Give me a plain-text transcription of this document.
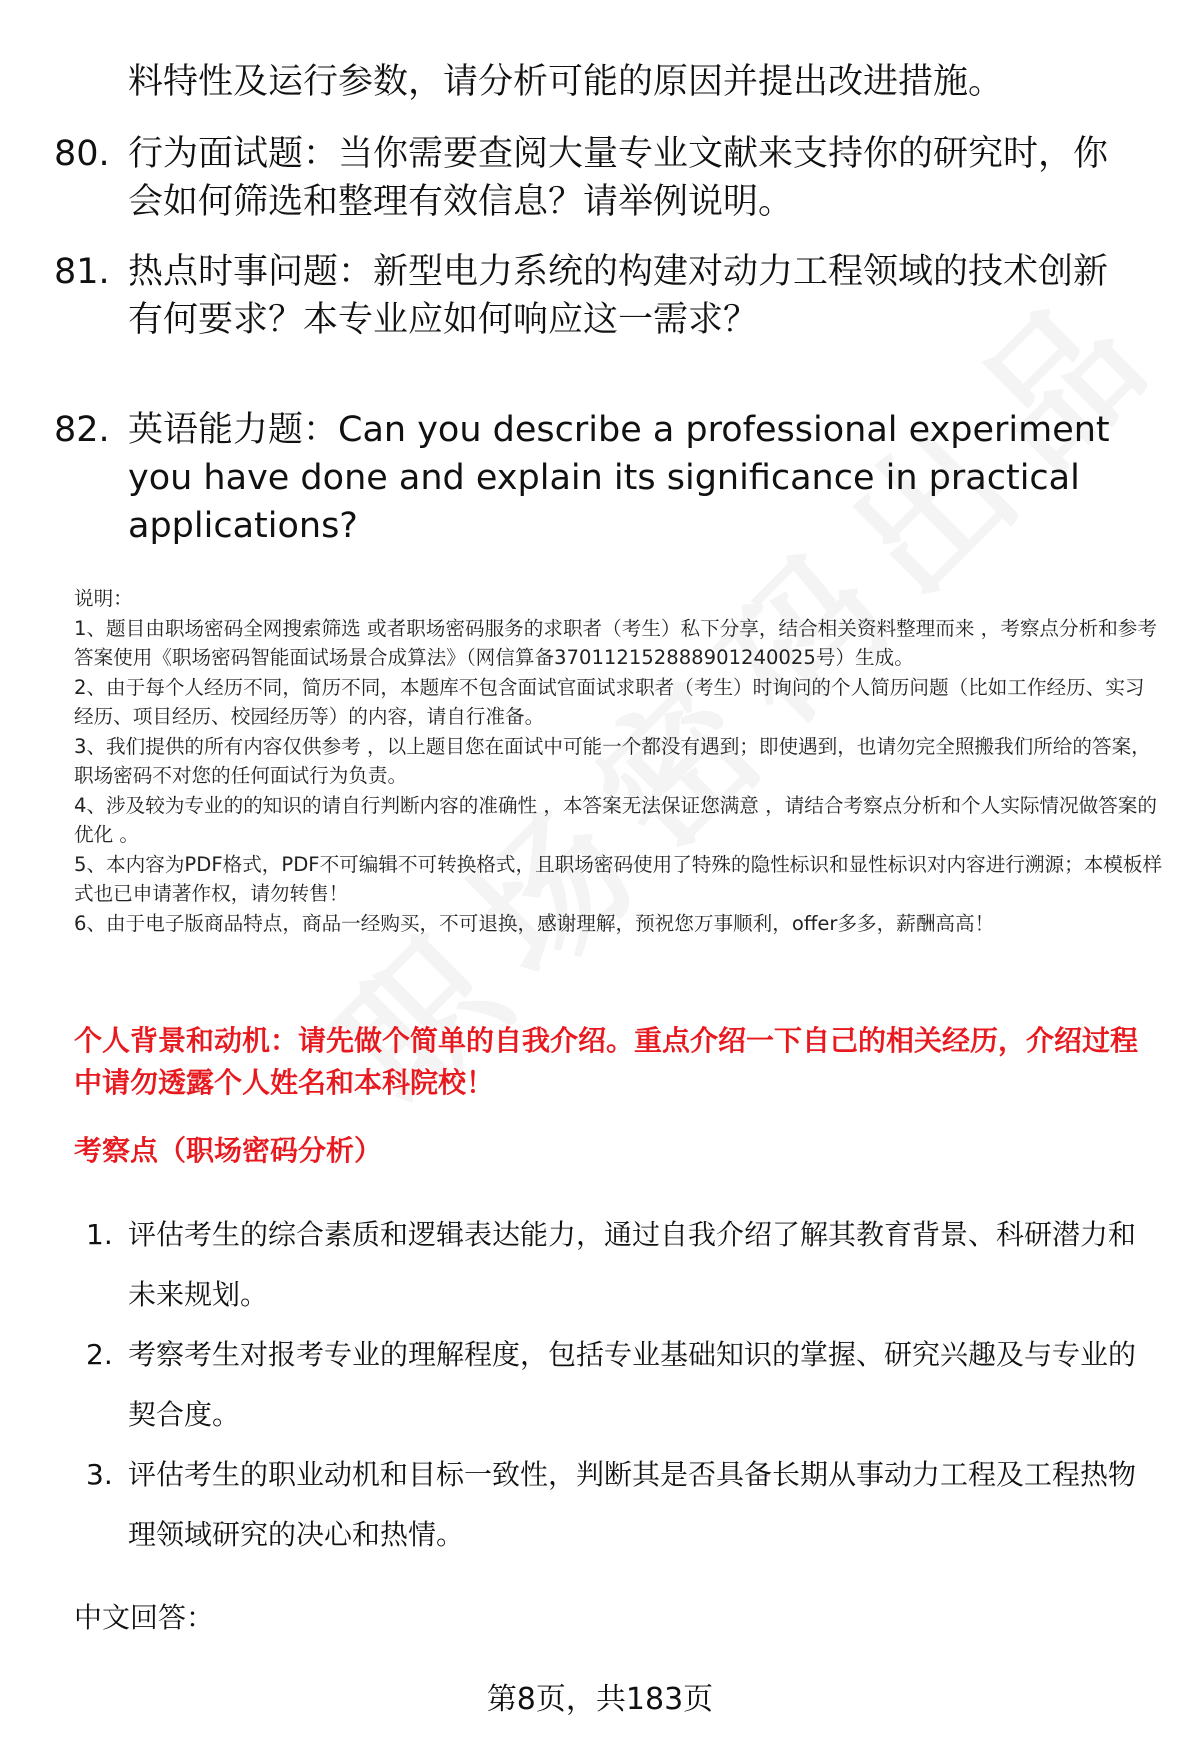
料特性及运行参数，请分析可能的原因并提出改进措施。
80. 行为面试题：当你需要查阅大量专业文献来支持你的研究时，你会如何筛选和整理有效信息？请举例说明。
81. 热点时事问题：新型电力系统的构建对动力工程领域的技术创新有何要求？本专业应如何响应这一需求？
82. 英语能力题：Can you describe a professional experiment you have done and explain its significance in practical applications?
说明：
1、题目由职场密码全网搜索筛选 或者职场密码服务的求职者（考生）私下分享，结合相关资料整理而来 ，考察点分析和参考答案使用《职场密码智能面试场景合成算法》（网信算备370112152888901240025号）生成。
2、由于每个人经历不同，简历不同，本题库不包含面试官面试求职者（考生）时询问的个人简历问题（比如工作经历、实习经历、项目经历、校园经历等）的内容，请自行准备。
3、我们提供的所有内容仅供参考 ，以上题目您在面试中可能一个都没有遇到；即使遇到，也请勿完全照搬我们所给的答案，职场密码不对您的任何面试行为负责。
4、涉及较为专业的的知识的请自行判断内容的准确性 ，本答案无法保证您满意 ，请结合考察点分析和个人实际情况做答案的优化 。
5、本内容为PDF格式，PDF不可编辑不可转换格式，且职场密码使用了特殊的隐性标识和显性标识对内容进行溯源；本模板样式也已申请著作权，请勿转售！
6、由于电子版商品特点，商品一经购买，不可退换，感谢理解，预祝您万事顺利，offer多多，薪酬高高！
个人背景和动机：请先做个简单的自我介绍。重点介绍一下自己的相关经历，介绍过程中请勿透露个人姓名和本科院校！
考察点（职场密码分析）
1. 评估考生的综合素质和逻辑表达能力，通过自我介绍了解其教育背景、科研潜力和未来规划。
2. 考察考生对报考专业的理解程度，包括专业基础知识的掌握、研究兴趣及与专业的契合度。
3. 评估考生的职业动机和目标一致性，判断其是否具备长期从事动力工程及工程热物理领域研究的决心和热情。
中文回答：
第8页，共183页
